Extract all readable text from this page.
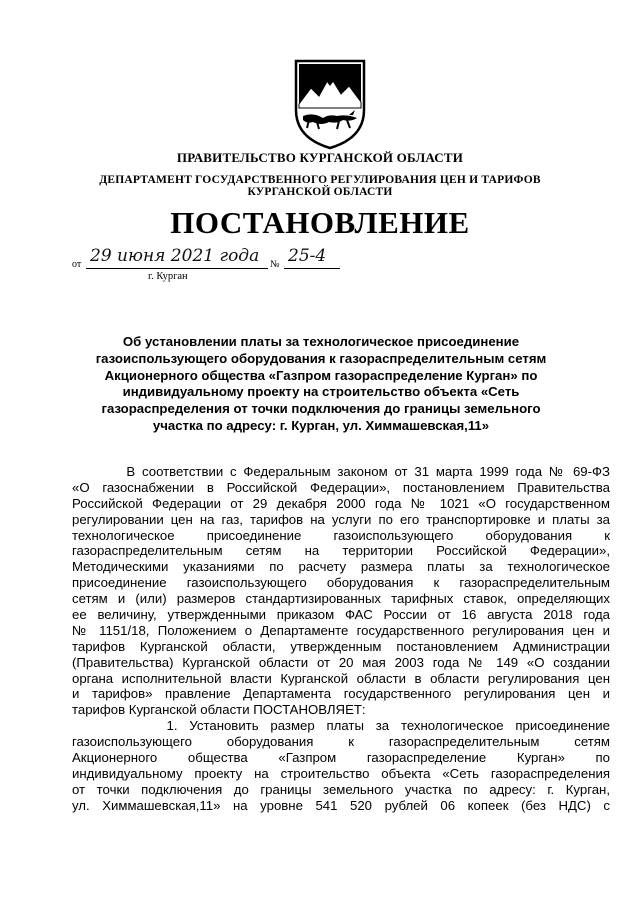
ПРАВИТЕЛЬСТВО КУРГАНСКОЙ ОБЛАСТИ
ДЕПАРТАМЕНТ ГОСУДАРСТВЕННОГО РЕГУЛИРОВАНИЯ ЦЕН И ТАРИФОВ
КУРГАНСКОЙ ОБЛАСТИ
ПОСТАНОВЛЕНИЕ
от 29 июня 2021 года № 25-4
г. Курган
Об установлении платы за технологическое присоединение
газоиспользующего оборудования к газораспределительным сетям
Акционерного общества «Газпром газораспределение Курган» по
индивидуальному проекту на строительство объекта «Сеть
газораспределения от точки подключения до границы земельного
участка по адресу: г. Курган, ул. Химмашевская,11»
В соответствии с Федеральным законом от 31 марта 1999 года № 69-ФЗ
«О газоснабжении в Российской Федерации», постановлением Правительства
Российской Федерации от 29 декабря 2000 года № 1021 «О государственном
регулировании цен на газ, тарифов на услуги по его транспортировке и платы за
технологическое присоединение газоиспользующего оборудования к
газораспределительным сетям на территории Российской Федерации»,
Методическими указаниями по расчету размера платы за технологическое
присоединение газоиспользующего оборудования к газораспределительным
сетям и (или) размеров стандартизированных тарифных ставок, определяющих
ее величину, утвержденными приказом ФАС России от 16 августа 2018 года
№ 1151/18, Положением о Департаменте государственного регулирования цен и
тарифов Курганской области, утвержденным постановлением Администрации
(Правительства) Курганской области от 20 мая 2003 года № 149 «О создании
органа исполнительной власти Курганской области в области регулирования цен
и тарифов» правление Департамента государственного регулирования цен и
тарифов Курганской области ПОСТАНОВЛЯЕТ:
1. Установить размер платы за технологическое присоединение
газоиспользующего оборудования к газораспределительным сетям
Акционерного общества «Газпром газораспределение Курган» по
индивидуальному проекту на строительство объекта «Сеть газораспределения
от точки подключения до границы земельного участка по адресу: г. Курган,
ул. Химмашевская,11» на уровне 541 520 рублей 06 копеек (без НДС) с
